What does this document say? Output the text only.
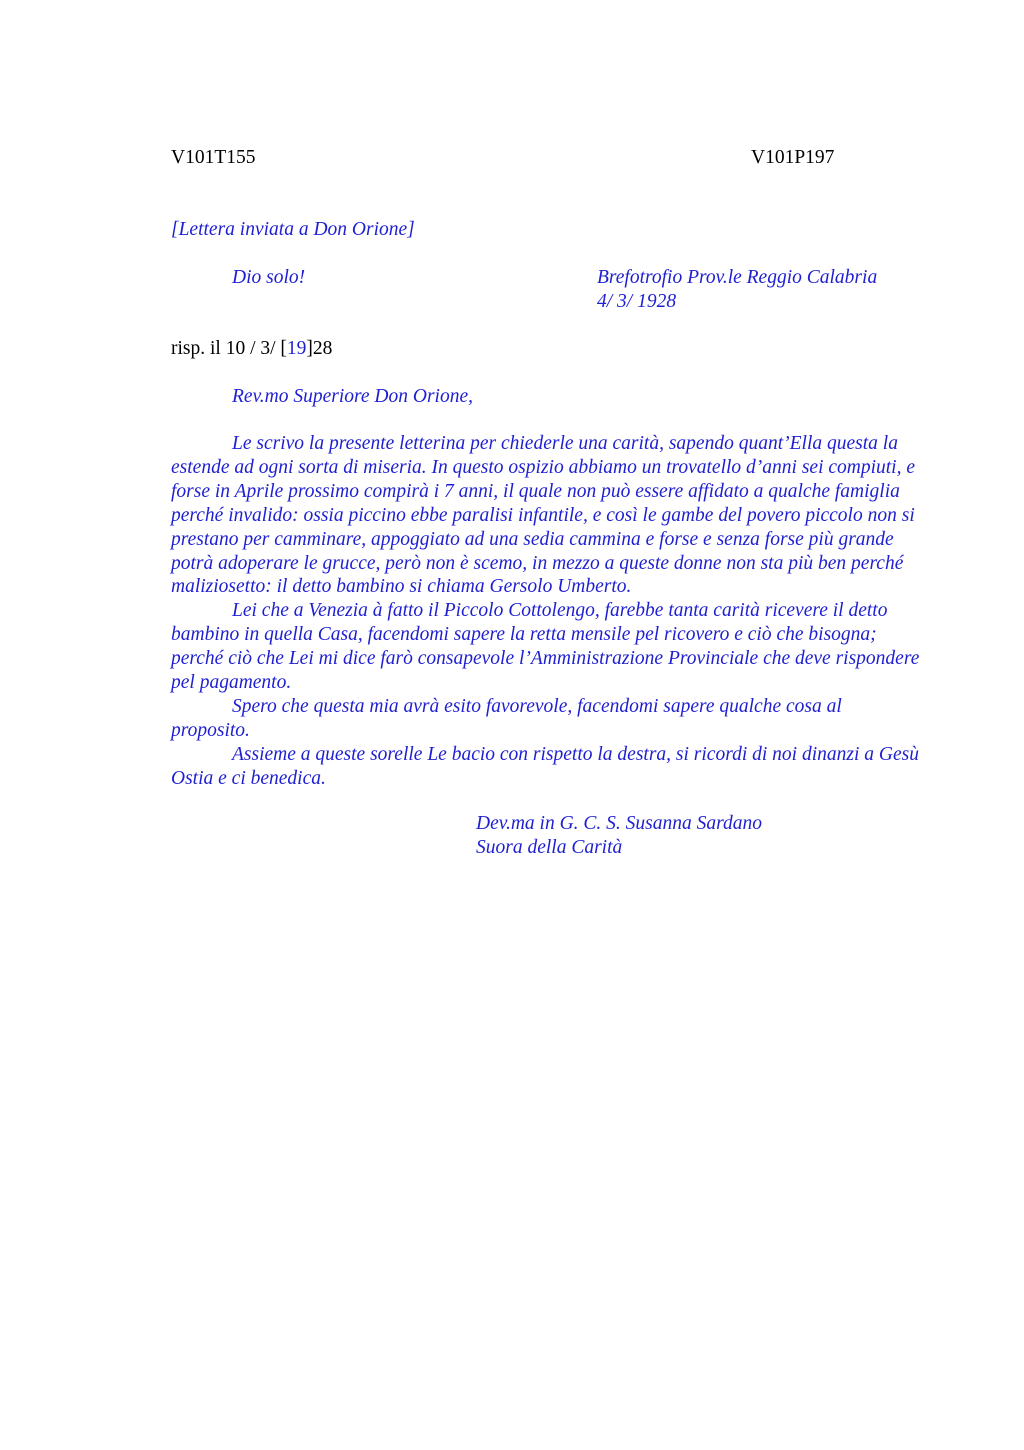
V101T155	V101P197
[Lettera inviata a Don Orione]
Dio solo!	Brefotrofio Prov.le Reggio Calabria
4/ 3/ 1928
risp. il 10 / 3/ [19]28
Rev.mo Superiore Don Orione,

Le scrivo la presente letterina per chiederle una carità, sapendo quant’Ella questa la estende ad ogni sorta di miseria. In questo ospizio abbiamo un trovatello d’anni sei compiuti, e forse in Aprile prossimo compirà i 7 anni, il quale non può essere affidato a qualche famiglia perché invalido: ossia piccino ebbe paralisi infantile, e così le gambe del povero piccolo non si prestano per camminare, appoggiato ad una sedia cammina e forse e senza forse più grande potrà adoperare le grucce, però non è scemo, in mezzo a queste donne non sta più ben perché maliziosetto: il detto bambino si chiama Gersolo Umberto.

Lei che a Venezia à fatto il Piccolo Cottolengo, farebbe tanta carità ricevere il detto bambino in quella Casa, facendomi sapere la retta mensile pel ricovero e ciò che bisogna; perché ciò che Lei mi dice farò consapevole l’Amministrazione Provinciale che deve rispondere pel pagamento.

Spero che questa mia avrà esito favorevole, facendomi sapere qualche cosa al proposito.

Assieme a queste sorelle Le bacio con rispetto la destra, si ricordi di noi dinanzi a Gesù Ostia e ci benedica.

Dev.ma in G. C. S. Susanna Sardano
Suora della Carità
